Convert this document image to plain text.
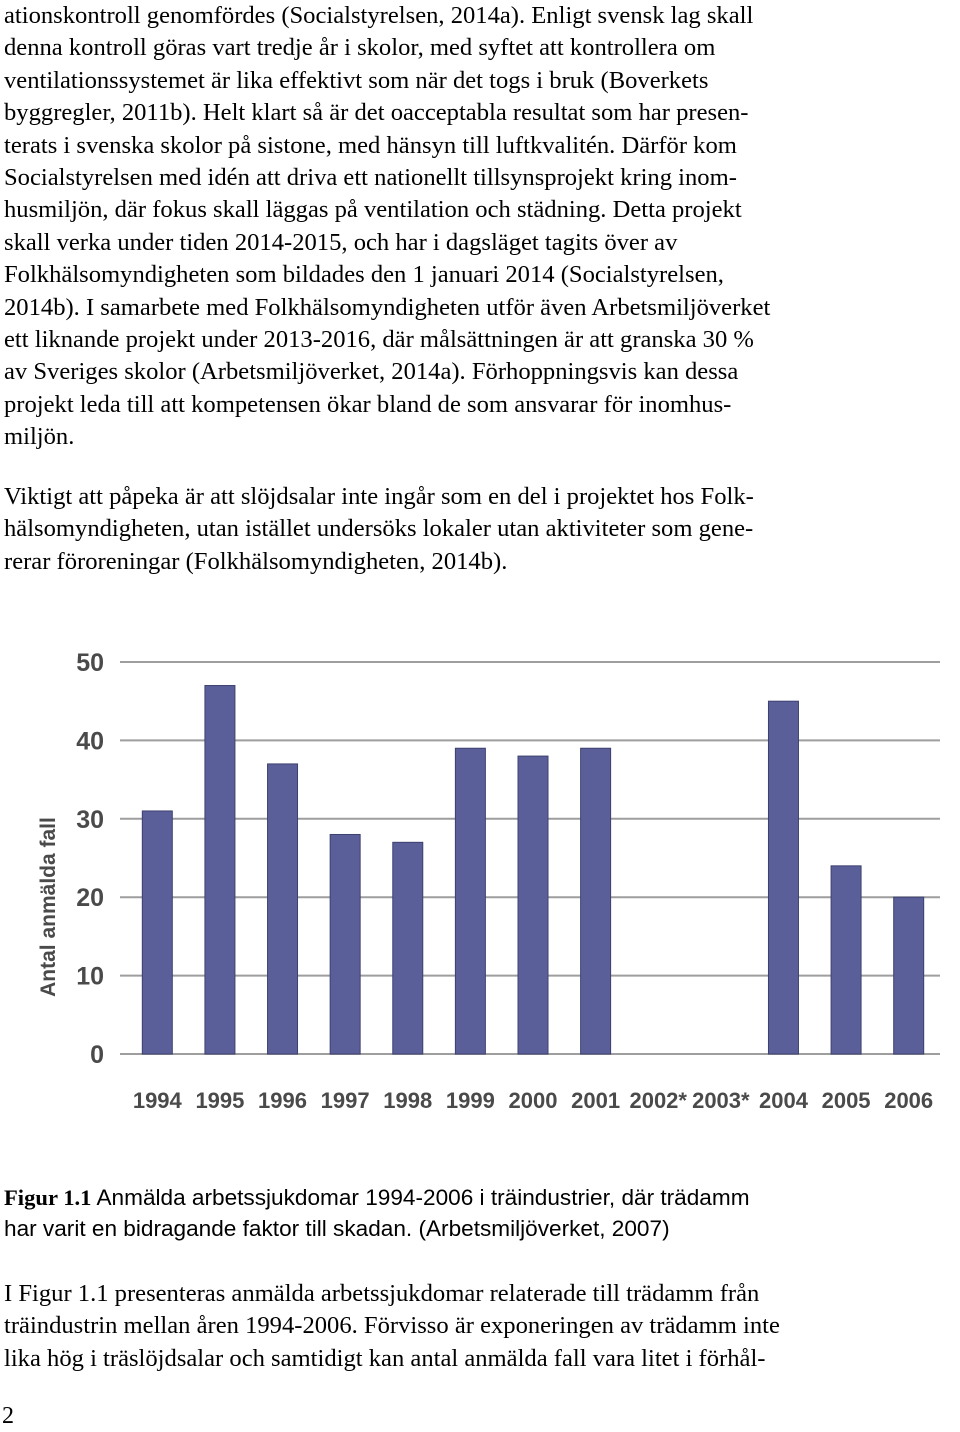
ationskontroll genomfördes (Socialstyrelsen, 2014a). Enligt svensk lag skall
denna kontroll göras vart tredje år i skolor, med syftet att kontrollera om
ventilationssystemet är lika effektivt som när det togs i bruk (Boverkets
byggregler, 2011b). Helt klart så är det oacceptabla resultat som har presen-
terats i svenska skolor på sistone, med hänsyn till luftkvalitén. Därför kom
Socialstyrelsen med idén att driva ett nationellt tillsynsprojekt kring inom-
husmiljön, där fokus skall läggas på ventilation och städning. Detta projekt
skall verka under tiden 2014-2015, och har i dagsläget tagits över av
Folkhälsomyndigheten som bildades den 1 januari 2014 (Socialstyrelsen,
2014b). I samarbete med Folkhälsomyndigheten utför även Arbetsmiljöverket
ett liknande projekt under 2013-2016, där målsättningen är att granska 30 %
av Sveriges skolor (Arbetsmiljöverket, 2014a). Förhoppningsvis kan dessa
projekt leda till att kompetensen ökar bland de som ansvarar för inomhus-
miljön.

Viktigt att påpeka är att slöjdsalar inte ingår som en del i projektet hos Folk-
hälsomyndigheten, utan istället undersöks lokaler utan aktiviteter som gene-
rerar föroreningar (Folkhälsomyndigheten, 2014b).

0
10
20
30
40
50
1994 1995 1996 1997 1998 1999 2000 2001 2002* 2003* 2004 2005 2006
Antal anmälda fall

Figur 1.1 Anmälda arbetssjukdomar 1994-2006 i träindustrier, där trädamm
har varit en bidragande faktor till skadan. (Arbetsmiljöverket, 2007)

I Figur 1.1 presenteras anmälda arbetssjukdomar relaterade till trädamm från
träindustrin mellan åren 1994-2006. Förvisso är exponeringen av trädamm inte
lika hög i träslöjdsalar och samtidigt kan antal anmälda fall vara litet i förhål-

2
